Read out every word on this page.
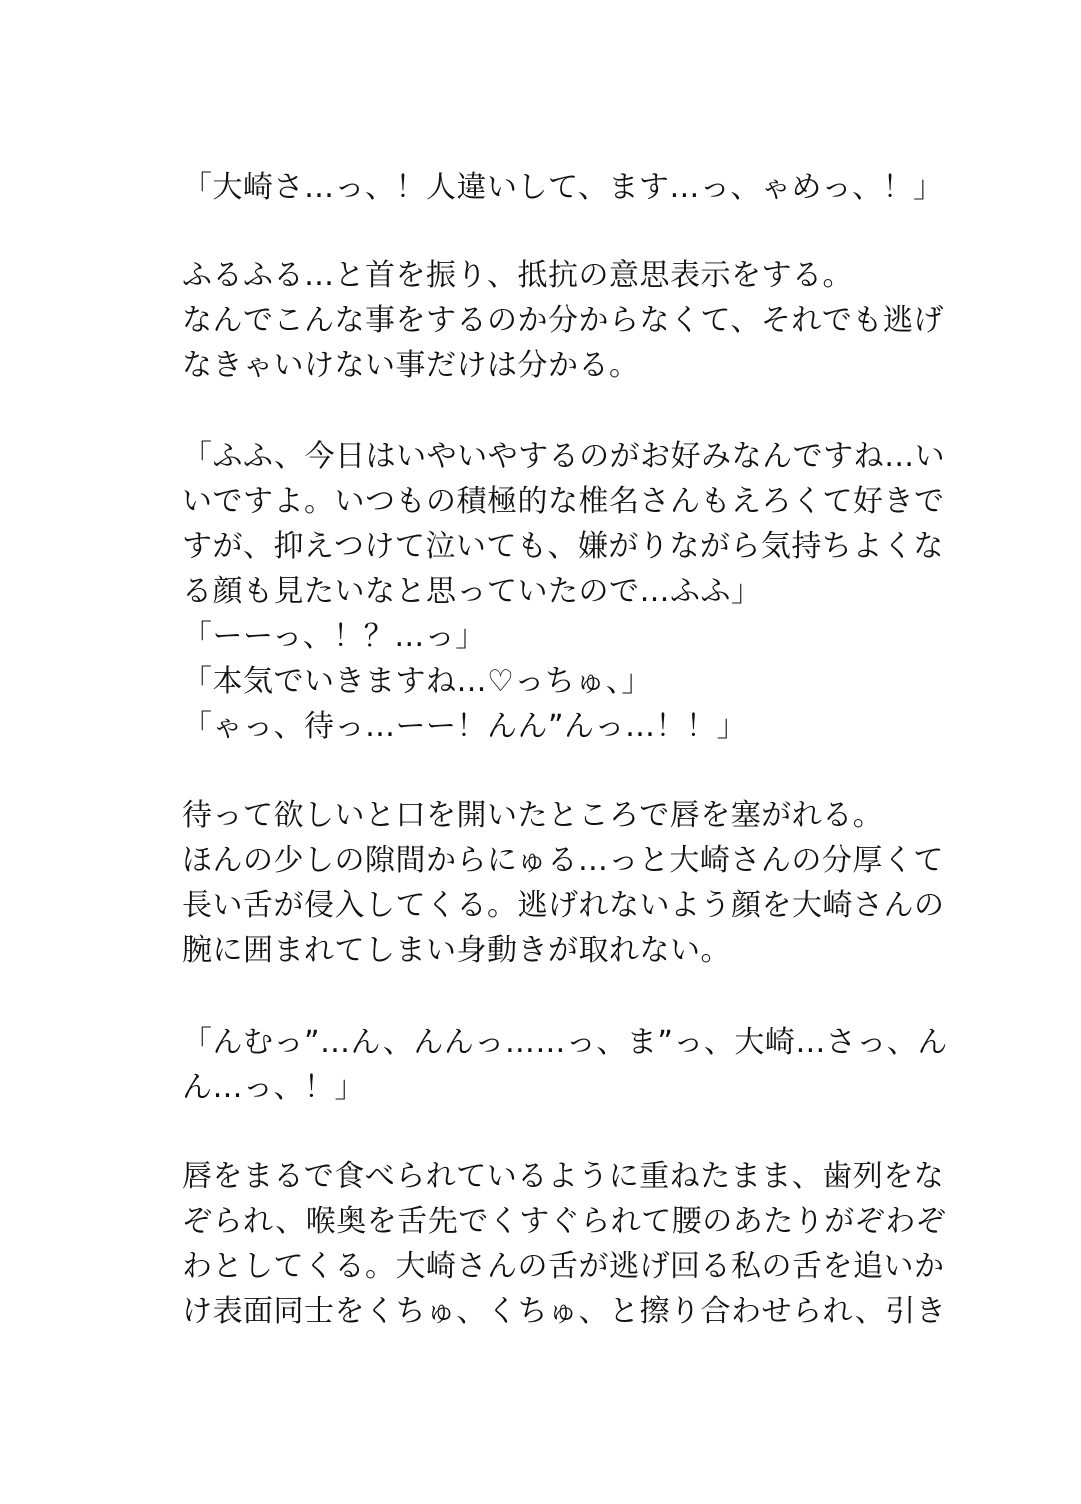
「大崎さ…っ、！人違いして、ます…っ、ゃめっ、！」
ふるふる…と首を振り、抵抗の意思表示をする。
なんでこんな事をするのか分からなくて、それでも逃げ
なきゃいけない事だけは分かる。
「ふふ、今日はいやいやするのがお好みなんですね…い
いですよ。いつもの積極的な椎名さんもえろくて好きで
すが、抑えつけて泣いても、嫌がりながら気持ちよくな
る顔も見たいなと思っていたので…ふふ」
「ーーっ、！？…っ」
「本気でいきますね…♡っちゅ、」
「ゃっ、待っ…ーー！んん”んっ…！！」
待って欲しいと口を開いたところで唇を塞がれる。
ほんの少しの隙間からにゅる…っと大崎さんの分厚くて
長い舌が侵入してくる。逃げれないよう顔を大崎さんの
腕に囲まれてしまい身動きが取れない。
「んむっ”…ん、んんっ……っ、ま”っ、大崎…さっ、ん
ん…っ、！」
唇をまるで食べられているように重ねたまま、歯列をな
ぞられ、喉奥を舌先でくすぐられて腰のあたりがぞわぞ
わとしてくる。大崎さんの舌が逃げ回る私の舌を追いか
け表面同士をくちゅ、くちゅ、と擦り合わせられ、引き
